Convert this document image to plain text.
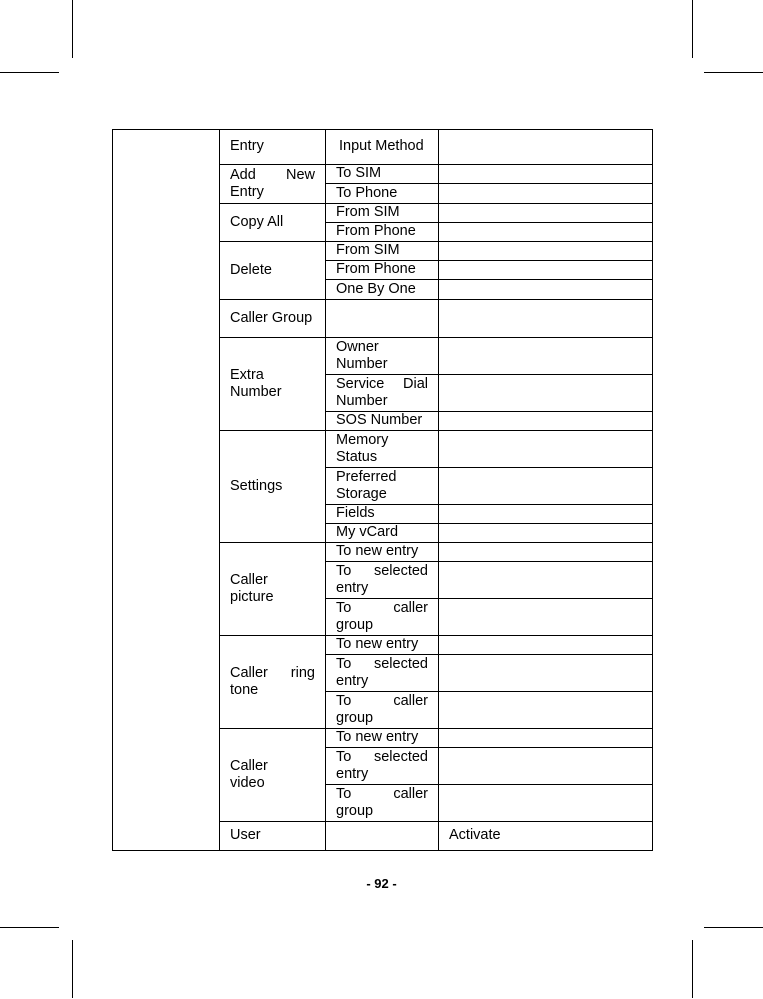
	Entry	Input Method		
	Add New Entry	To SIM		
		To Phone		
	Copy All	From SIM		
		From Phone		
	Delete	From SIM		
		From Phone		
		One By One		
	Caller Group			
	Extra Number	Owner Number		
		Service Dial Number		
		SOS Number		
	Settings	Memory Status		
		Preferred Storage		
		Fields		
		My vCard		
	Caller picture	To new entry		
		To selected entry		
		To caller group		
	Caller ring tone	To new entry		
		To selected entry		
		To caller group		
	Caller video	To new entry		
		To selected entry		
		To caller group		
	User		Activate	
- 92 -
